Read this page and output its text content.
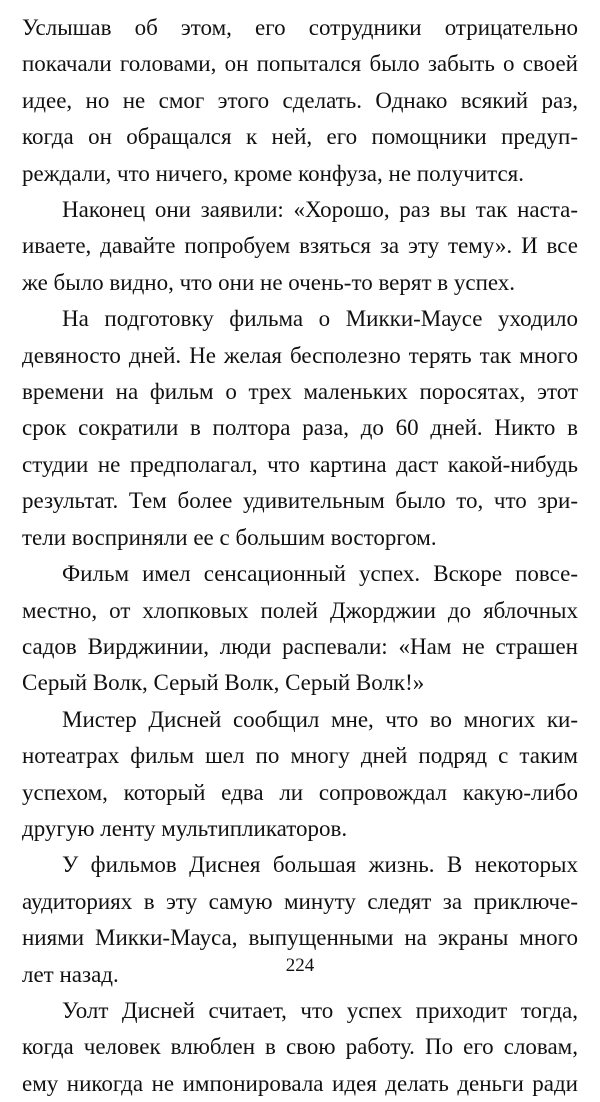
Услышав об этом, его сотрудники отрицательно
покачали головами, он попытался было забыть о своей
идее, но не смог этого сделать. Однако всякий раз,
когда он обращался к ней, его помощники предуп-
реждали, что ничего, кроме конфуза, не получится.
Наконец они заявили: «Хорошо, раз вы так наста-
иваете, давайте попробуем взяться за эту тему». И все
же было видно, что они не очень-то верят в успех.
На подготовку фильма о Микки-Маусе уходило
девяносто дней. Не желая бесполезно терять так много
времени на фильм о трех маленьких поросятах, этот
срок сократили в полтора раза, до 60 дней. Никто в
студии не предполагал, что картина даст какой-нибудь
результат. Тем более удивительным было то, что зри-
тели восприняли ее с большим восторгом.
Фильм имел сенсационный успех. Вскоре повсе-
местно, от хлопковых полей Джорджии до яблочных
садов Вирджинии, люди распевали: «Нам не страшен
Серый Волк, Серый Волк, Серый Волк!»
Мистер Дисней сообщил мне, что во многих ки-
нотеатрах фильм шел по многу дней подряд с таким
успехом, который едва ли сопровождал какую-либо
другую ленту мультипликаторов.
У фильмов Диснея большая жизнь. В некоторых
аудиториях в эту самую минуту следят за приключе-
ниями Микки-Мауса, выпущенными на экраны много
лет назад.
Уолт Дисней считает, что успех приходит тогда,
когда человек влюблен в свою работу. По его словам,
ему никогда не импонировала идея делать деньги ради
224
